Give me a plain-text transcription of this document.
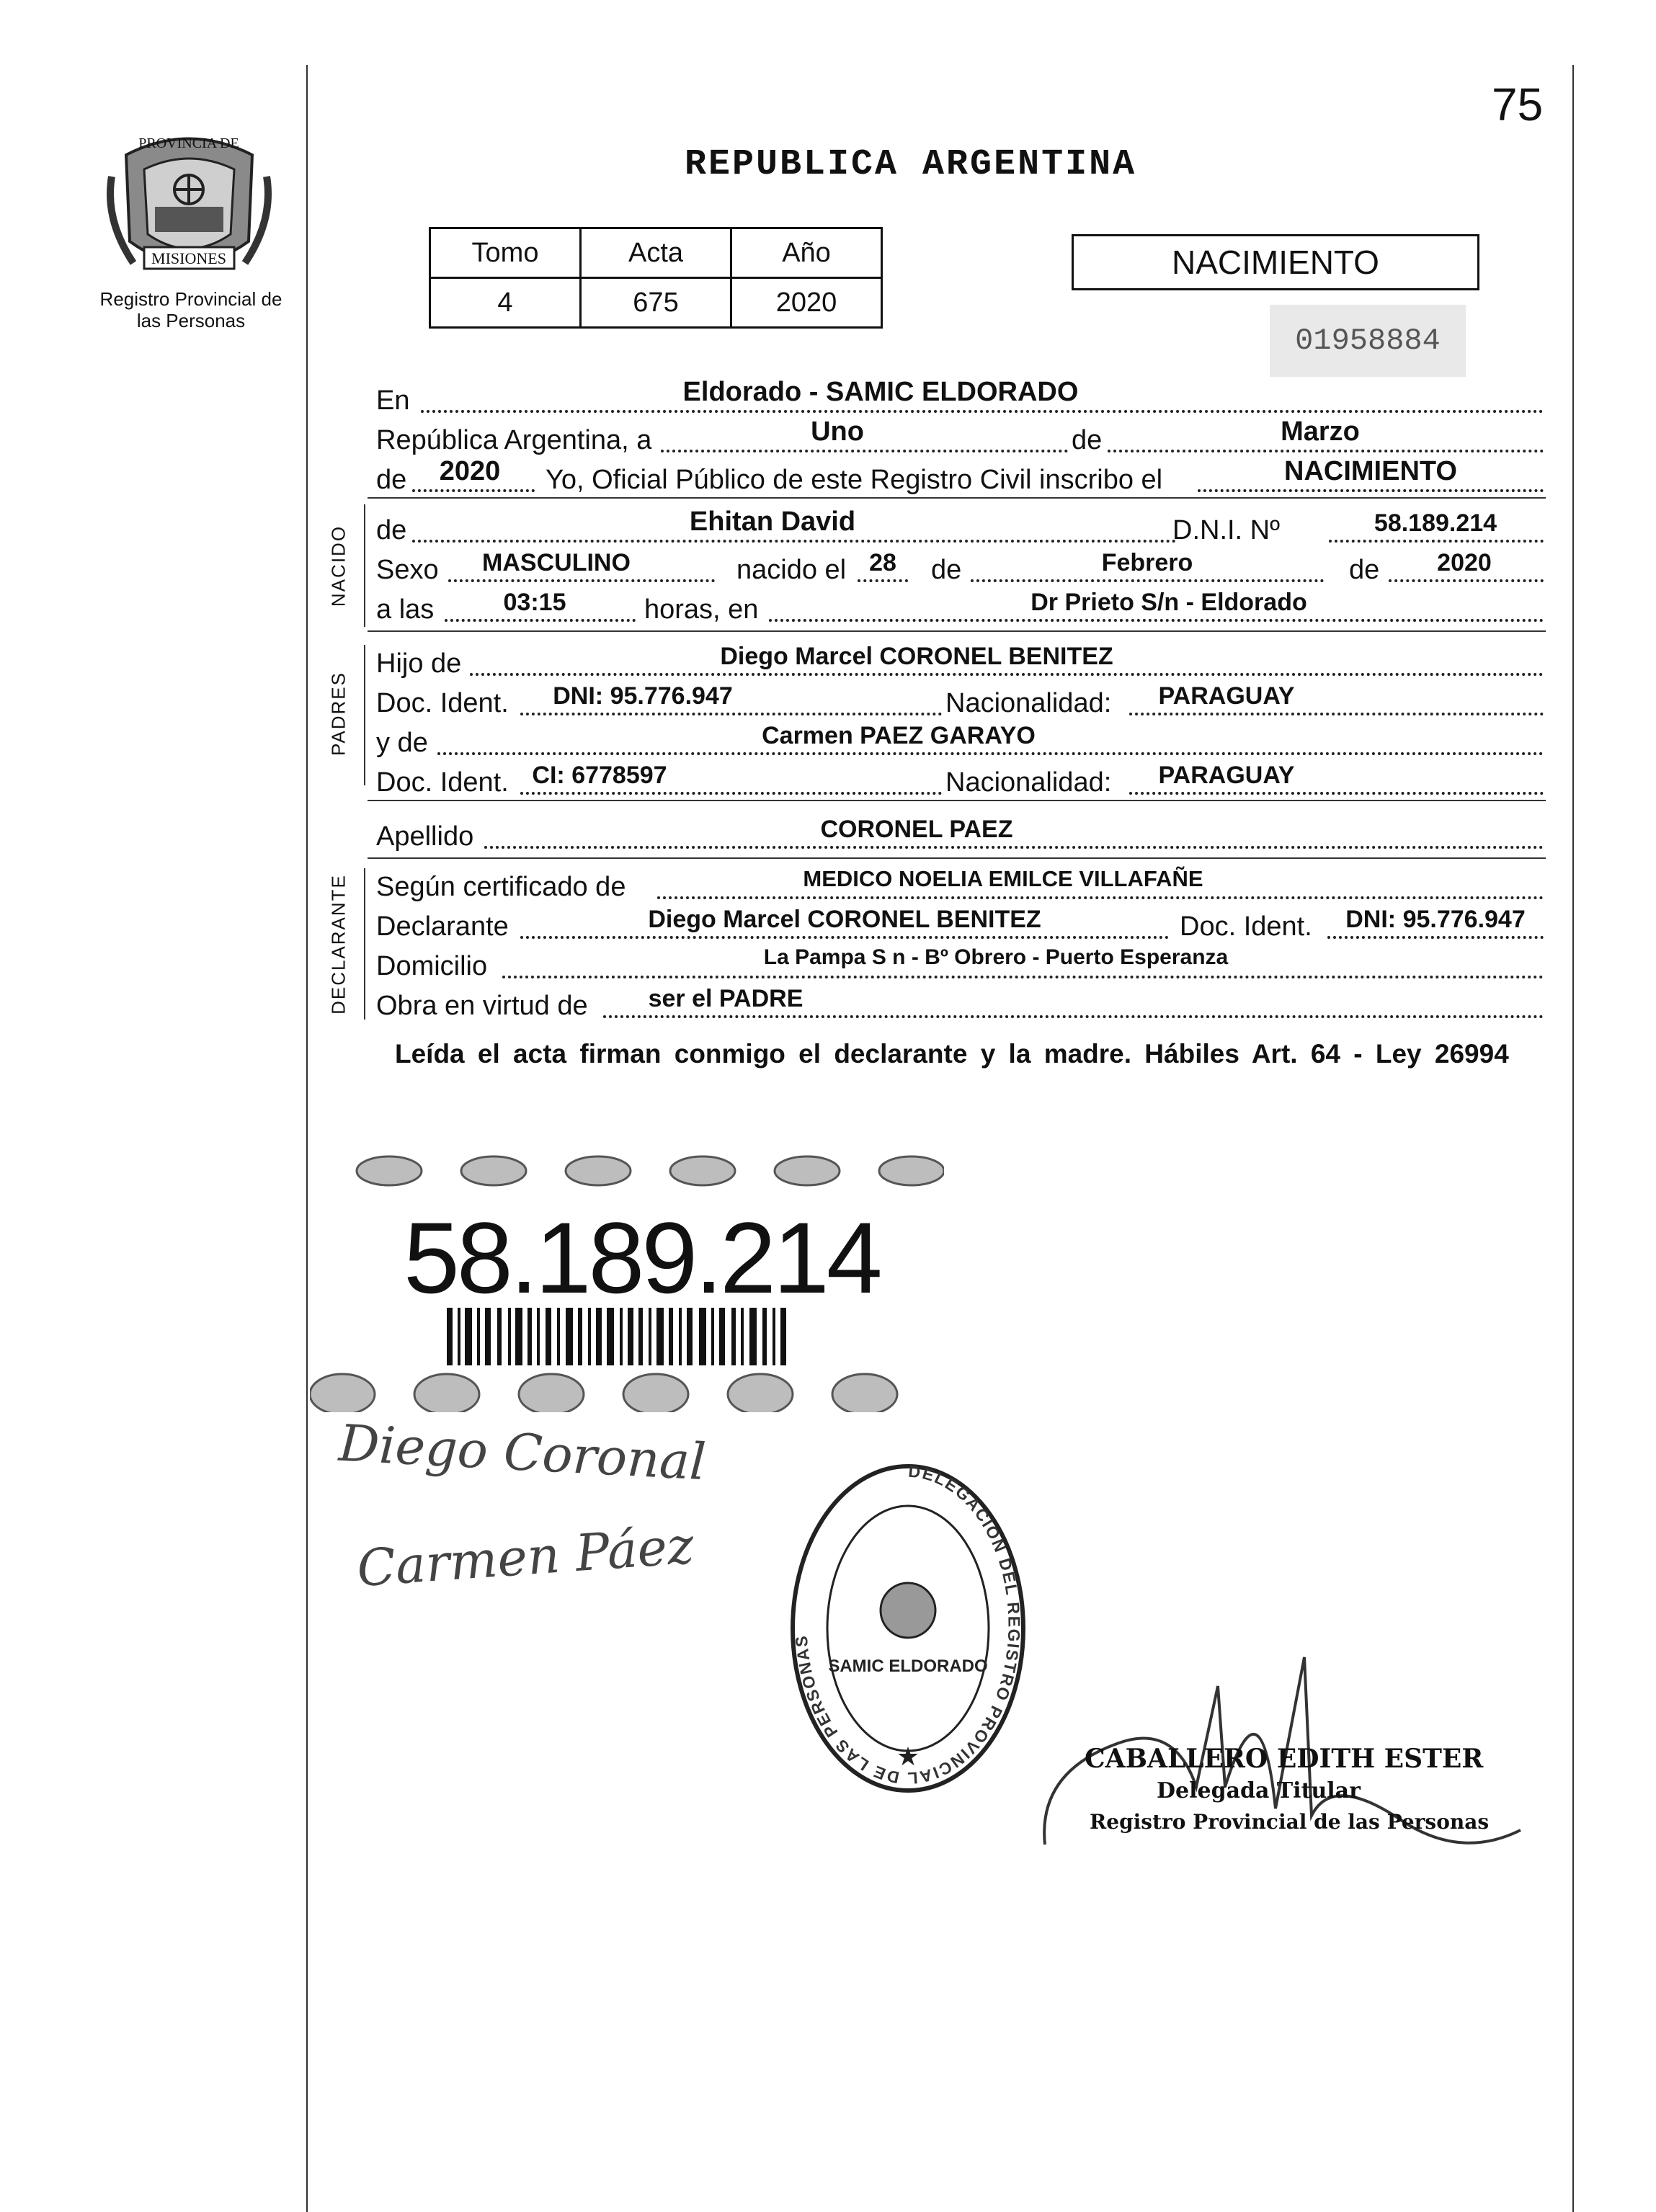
75
PROVINCIA DE
MISIONES
Registro Provincial de las Personas
REPUBLICA ARGENTINA
Tomo	Acta	Año
4	675	2020
NACIMIENTO
01958884
En	Eldorado - SAMIC ELDORADO
República Argentina, a	Uno	de	Marzo
de	2020	Yo, Oficial Público de este Registro Civil inscribo el	NACIMIENTO
NACIDO de	Ehitan David	D.N.I. Nº	58.189.214
Sexo	MASCULINO	nacido el 28	de	Febrero	de	2020
a las	03:15	horas, en	Dr Prieto S/n - Eldorado
PADRES
Hijo de	Diego Marcel CORONEL BENITEZ
Doc. Ident.	DNI: 95.776.947	Nacionalidad:	PARAGUAY
y de	Carmen PAEZ GARAYO
Doc. Ident. CI: 6778597	Nacionalidad:	PARAGUAY
Apellido	CORONEL PAEZ
DECLARANTE Según certificado de	MEDICO NOELIA EMILCE VILLAFAÑE
Declarante	Diego Marcel CORONEL BENITEZ	Doc. Ident.	DNI: 95.776.947
Domicilio	La Pampa S n - Bº Obrero - Puerto Esperanza
Obra en virtud de	ser el PADRE
Leída el acta firman conmigo el declarante y la madre. Hábiles Art. 64 - Ley 26994
58.189.214
Diego Coronal
Carmen Páez
DELEGACION DEL REGISTRO PROVINCIAL DE LAS PERSONAS
SAMIC ELDORADO
★	CABALLERO EDITH ESTER
Delegada Titular
Registro Provincial de las Personas
